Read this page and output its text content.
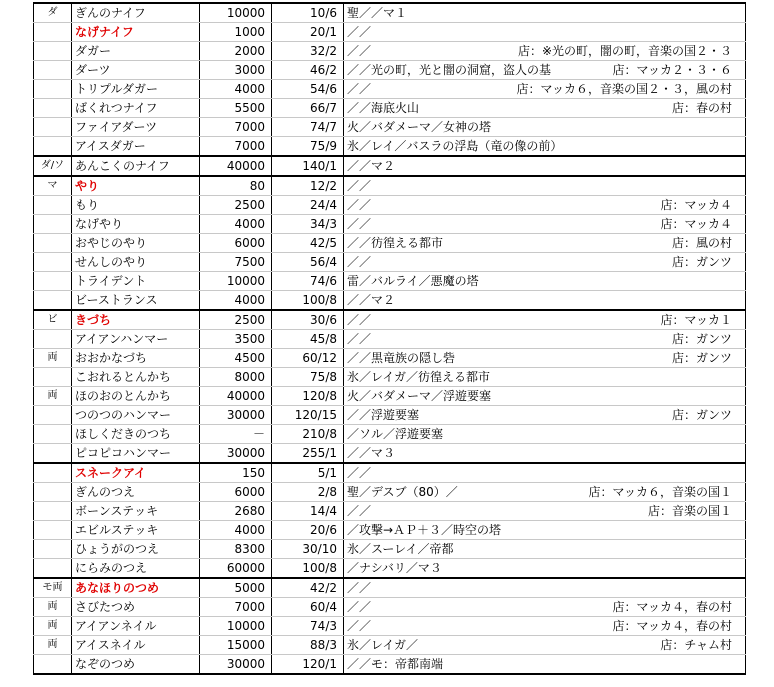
ダ	ぎんのナイフ	10000	10/6	聖／／マ１

	なげナイフ	1000	20/1	／／

	ダガー	2000	32/2	／／ 店：※光の町，闇の町，音楽の国２・３

	ダーツ	3000	46/2	／／光の町，光と闇の洞窟，盗人の基 店：マッカ２・３・６

	トリプルダガー	4000	54/6	／／ 店：マッカ６，音楽の国２・３，風の村

	ばくれつナイフ	5500	66/7	／／海底火山 店：春の村

	ファイアダーツ	7000	74/7	火／バダメーマ／女神の塔

	アイスダガー	7000	75/9	氷／レイ／バスラの浮島（竜の像の前）

ダ/ソ	あんこくのナイフ	40000	140/1	／／マ２

マ	やり	80	12/2	／／

	もり	2500	24/4	／／ 店：マッカ４

	なげやり	4000	34/3	／／ 店：マッカ４

	おやじのやり	6000	42/5	／／彷徨える都市 店：風の村

	せんしのやり	7500	56/4	／／ 店：ガンツ

	トライデント	10000	74/6	雷／バルライ／悪魔の塔

	ビーストランス	4000	100/8	／／マ２

ビ	きづち	2500	30/6	／／ 店：マッカ１

	アイアンハンマー	3500	45/8	／／ 店：ガンツ

両	おおかなづち	4500	60/12	／／黒竜族の隠し砦 店：ガンツ

	こおれるとんかち	8000	75/8	氷／レイガ／彷徨える都市

両	ほのおのとんかち	40000	120/8	火／バダメーマ／浮遊要塞

	つのつのハンマー	30000	120/15	／／浮遊要塞 店：ガンツ

	ほしくだきのつち	－	210/8	／ソル／浮遊要塞

	ピコピコハンマー	30000	255/1	／／マ３

	スネークアイ	150	5/1	／／

	ぎんのつえ	6000	2/8	聖／デスブ（80）／ 店：マッカ６，音楽の国１

	ボーンステッキ	2680	14/4	／／ 店：音楽の国１

	エビルステッキ	4000	20/6	／攻撃→ＡＰ＋３／時空の塔

	ひょうがのつえ	8300	30/10	氷／スーレイ／帝都

	にらみのつえ	60000	100/8	／ナシバリ／マ３

モ両	あなほりのつめ	5000	42/2	／／

両	さびたつめ	7000	60/4	／／ 店：マッカ４，春の村

両	アイアンネイル	10000	74/3	／／ 店：マッカ４，春の村

両	アイスネイル	15000	88/3	氷／レイガ／ 店：チャム村

	なぞのつめ	30000	120/1	／／モ：帝都南端
